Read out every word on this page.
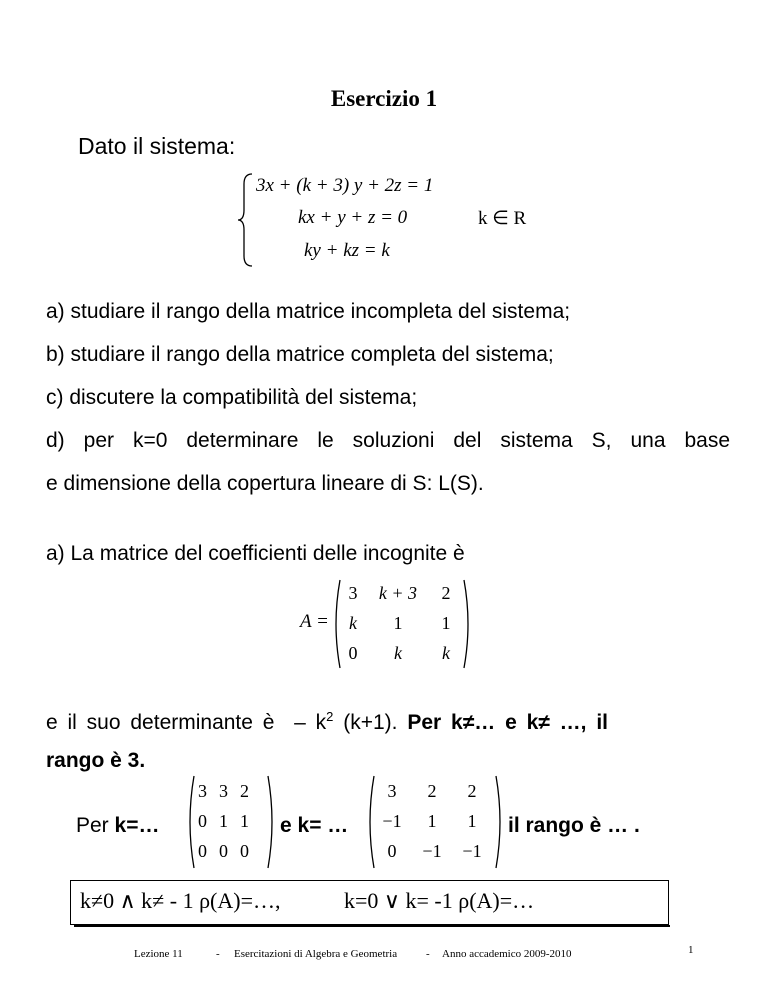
Esercizio 1
Dato il sistema:
3x + (k + 3) y + 2z = 1
kx + y + z = 0
ky + kz = k
k ∈ R
a) studiare il rango della matrice incompleta del sistema;
b) studiare il rango della matrice completa del sistema;
c) discutere la compatibilità del sistema;
d) per k=0 determinare le soluzioni del sistema S, una base
e dimensione della copertura lineare di S: L(S).
a) La matrice del coefficienti delle incognite è
A =
3	k + 3	2
k	1	1
0	k	k
e il suo determinante è – $k^2$ (k+1). Per k≠… e k≠ …, il
rango è 3.
Per k=…
3	3	2
0	1	1
0	0	0
e k= …
3	2	2
−1	1	1
0	−1	−1
il rango è … .
k≠0 ∧ k≠ - 1 ρ(A)=…,	k=0 ∨ k= -1 ρ(A)=…
Lezione 11	- Esercitazioni di Algebra e Geometria	- Anno accademico 2009-2010	1
